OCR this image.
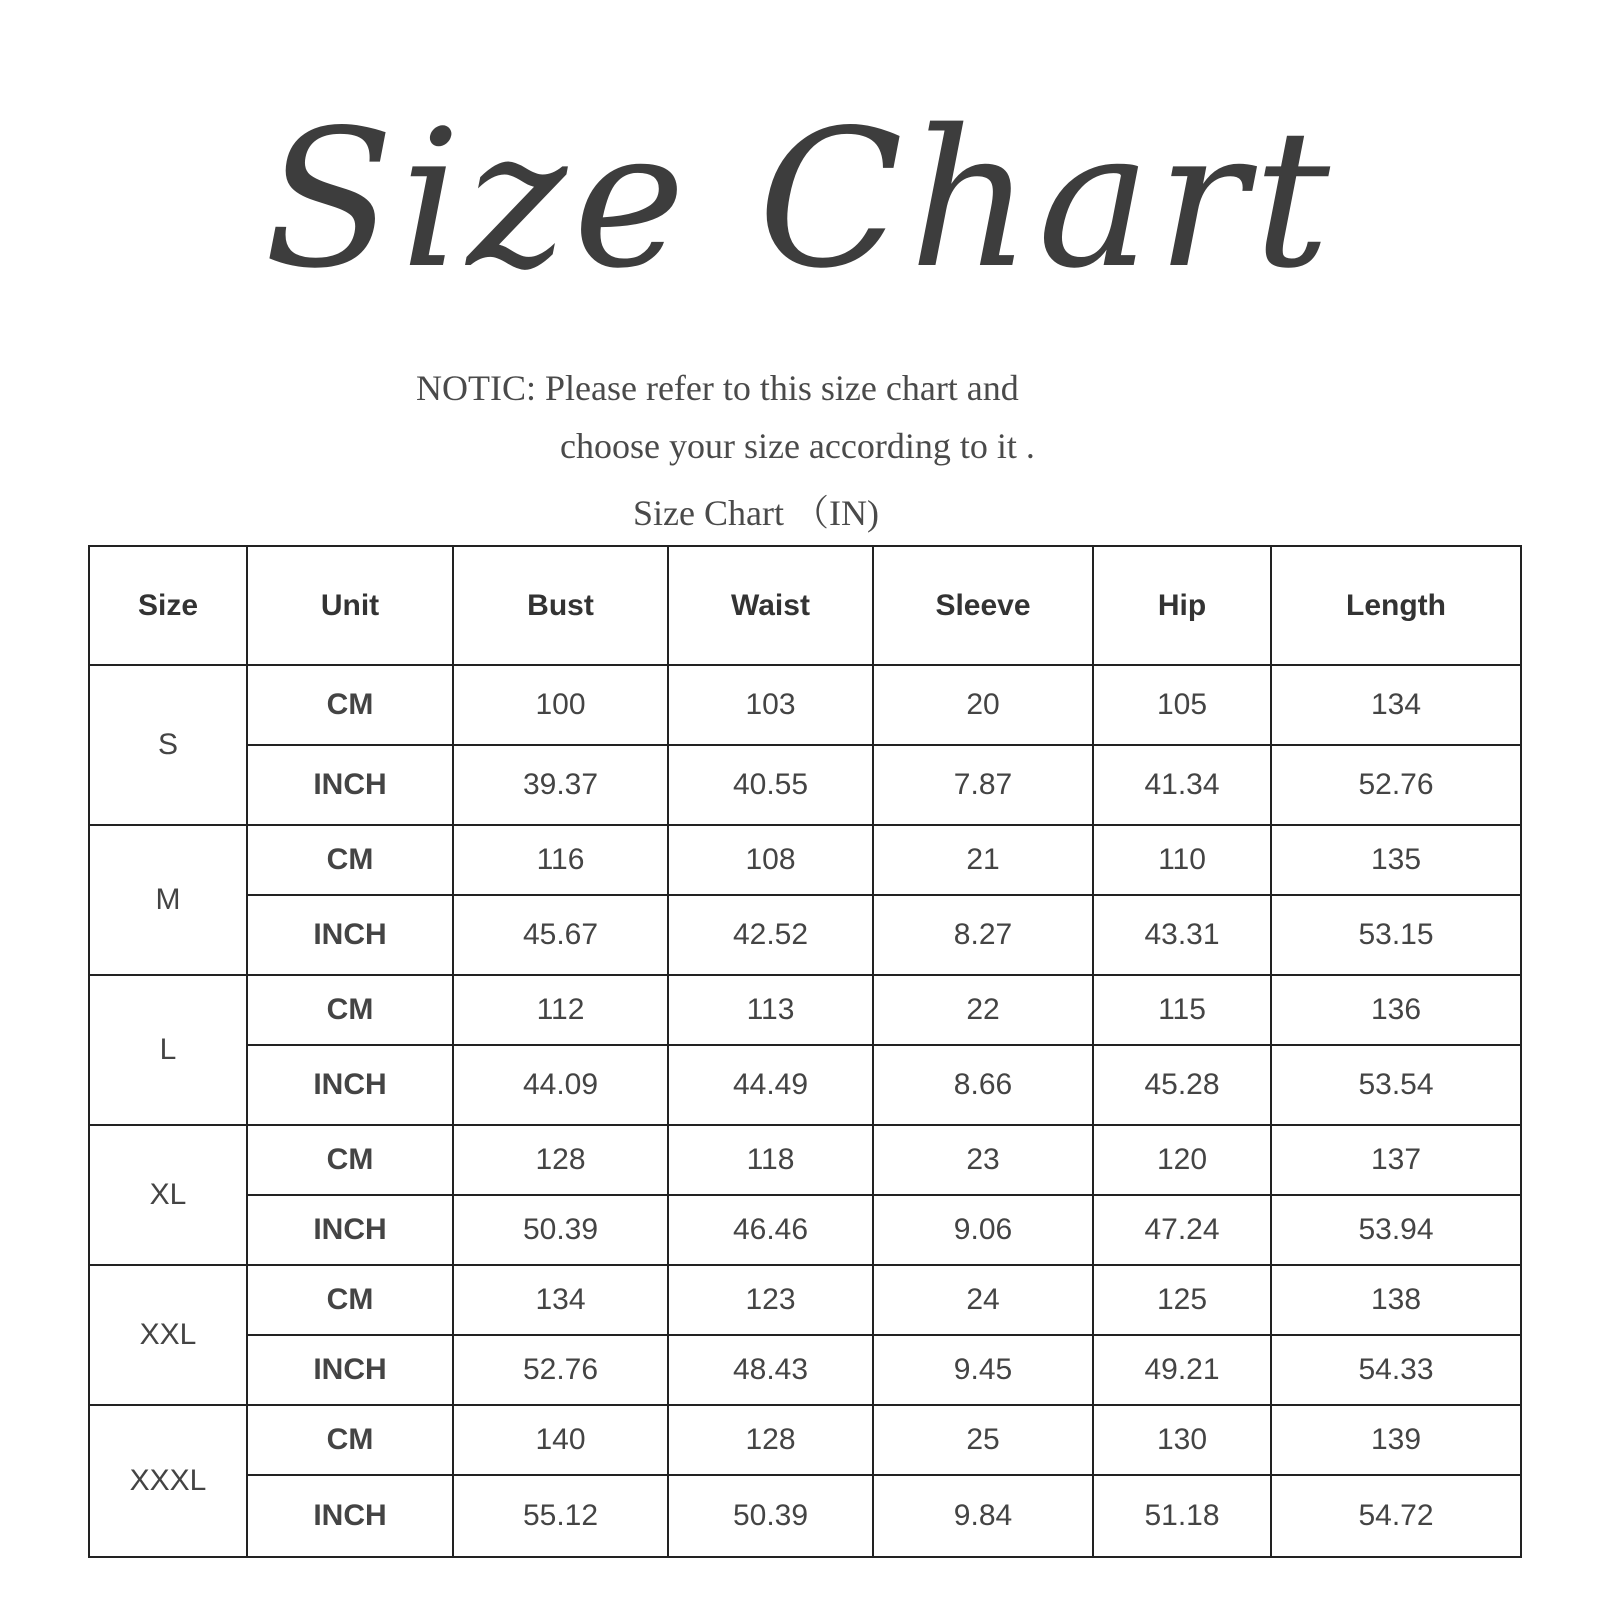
Size Chart
NOTIC: Please refer to this size chart and
choose your size according to it .
Size Chart （IN)
Size	Unit	Bust	Waist	Sleeve	Hip	Length
S	CM	100	103	20	105	134
	INCH	39.37	40.55	7.87	41.34	52.76
M	CM	116	108	21	110	135
	INCH	45.67	42.52	8.27	43.31	53.15
L	CM	112	113	22	115	136
	INCH	44.09	44.49	8.66	45.28	53.54
XL	CM	128	118	23	120	137
	INCH	50.39	46.46	9.06	47.24	53.94
XXL	CM	134	123	24	125	138
	INCH	52.76	48.43	9.45	49.21	54.33
XXXL	CM	140	128	25	130	139
	INCH	55.12	50.39	9.84	51.18	54.72
